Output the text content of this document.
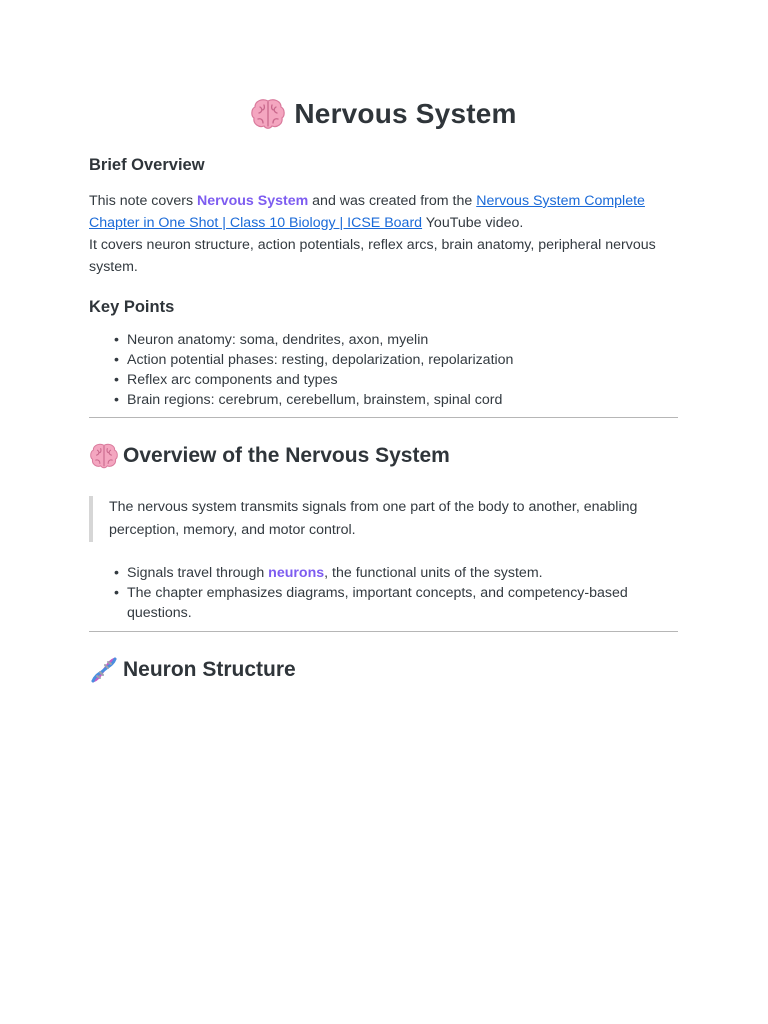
Nervous System
Brief Overview

This note covers Nervous System and was created from the Nervous System Complete Chapter in One Shot | Class 10 Biology | ICSE Board YouTube video.
It covers neuron structure, action potentials, reflex arcs, brain anatomy, peripheral nervous system.

Key Points
• Neuron anatomy: soma, dendrites, axon, myelin
• Action potential phases: resting, depolarization, repolarization
• Reflex arc components and types
• Brain regions: cerebrum, cerebellum, brainstem, spinal cord
Overview of the Nervous System
The nervous system transmits signals from one part of the body to another, enabling perception, memory, and motor control.
• Signals travel through neurons, the functional units of the system.
• The chapter emphasizes diagrams, important concepts, and competency-based questions.
Neuron Structure
